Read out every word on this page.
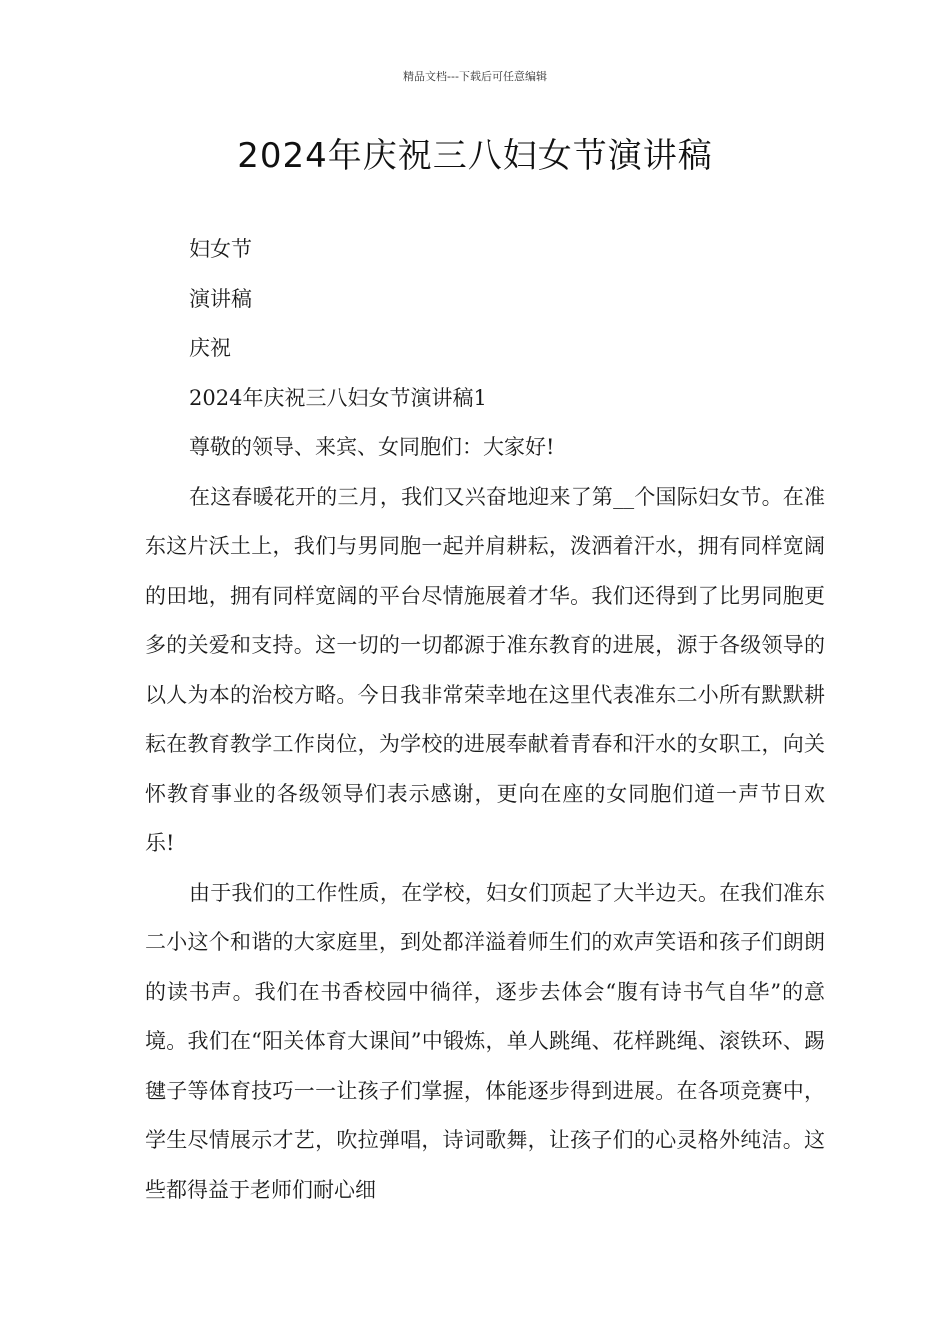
精品文档---下载后可任意编辑
2024年庆祝三八妇女节演讲稿

妇女节

演讲稿

庆祝

2024年庆祝三八妇女节演讲稿1

尊敬的领导、来宾、女同胞们：大家好!

在这春暖花开的三月，我们又兴奋地迎来了第__个国际妇女节。在准东这片沃土上，我们与男同胞一起并肩耕耘，泼洒着汗水，拥有同样宽阔的田地，拥有同样宽阔的平台尽情施展着才华。我们还得到了比男同胞更多的关爱和支持。这一切的一切都源于准东教育的进展，源于各级领导的以人为本的治校方略。今日我非常荣幸地在这里代表准东二小所有默默耕耘在教育教学工作岗位，为学校的进展奉献着青春和汗水的女职工，向关怀教育事业的各级领导们表示感谢，更向在座的女同胞们道一声节日欢乐!

由于我们的工作性质，在学校，妇女们顶起了大半边天。在我们准东二小这个和谐的大家庭里，到处都洋溢着师生们的欢声笑语和孩子们朗朗的读书声。我们在书香校园中徜徉，逐步去体会“腹有诗书气自华”的意境。我们在“阳关体育大课间”中锻炼，单人跳绳、花样跳绳、滚铁环、踢毽子等体育技巧一一让孩子们掌握，体能逐步得到进展。在各项竞赛中，学生尽情展示才艺，吹拉弹唱，诗词歌舞，让孩子们的心灵格外纯洁。这些都得益于老师们耐心细
